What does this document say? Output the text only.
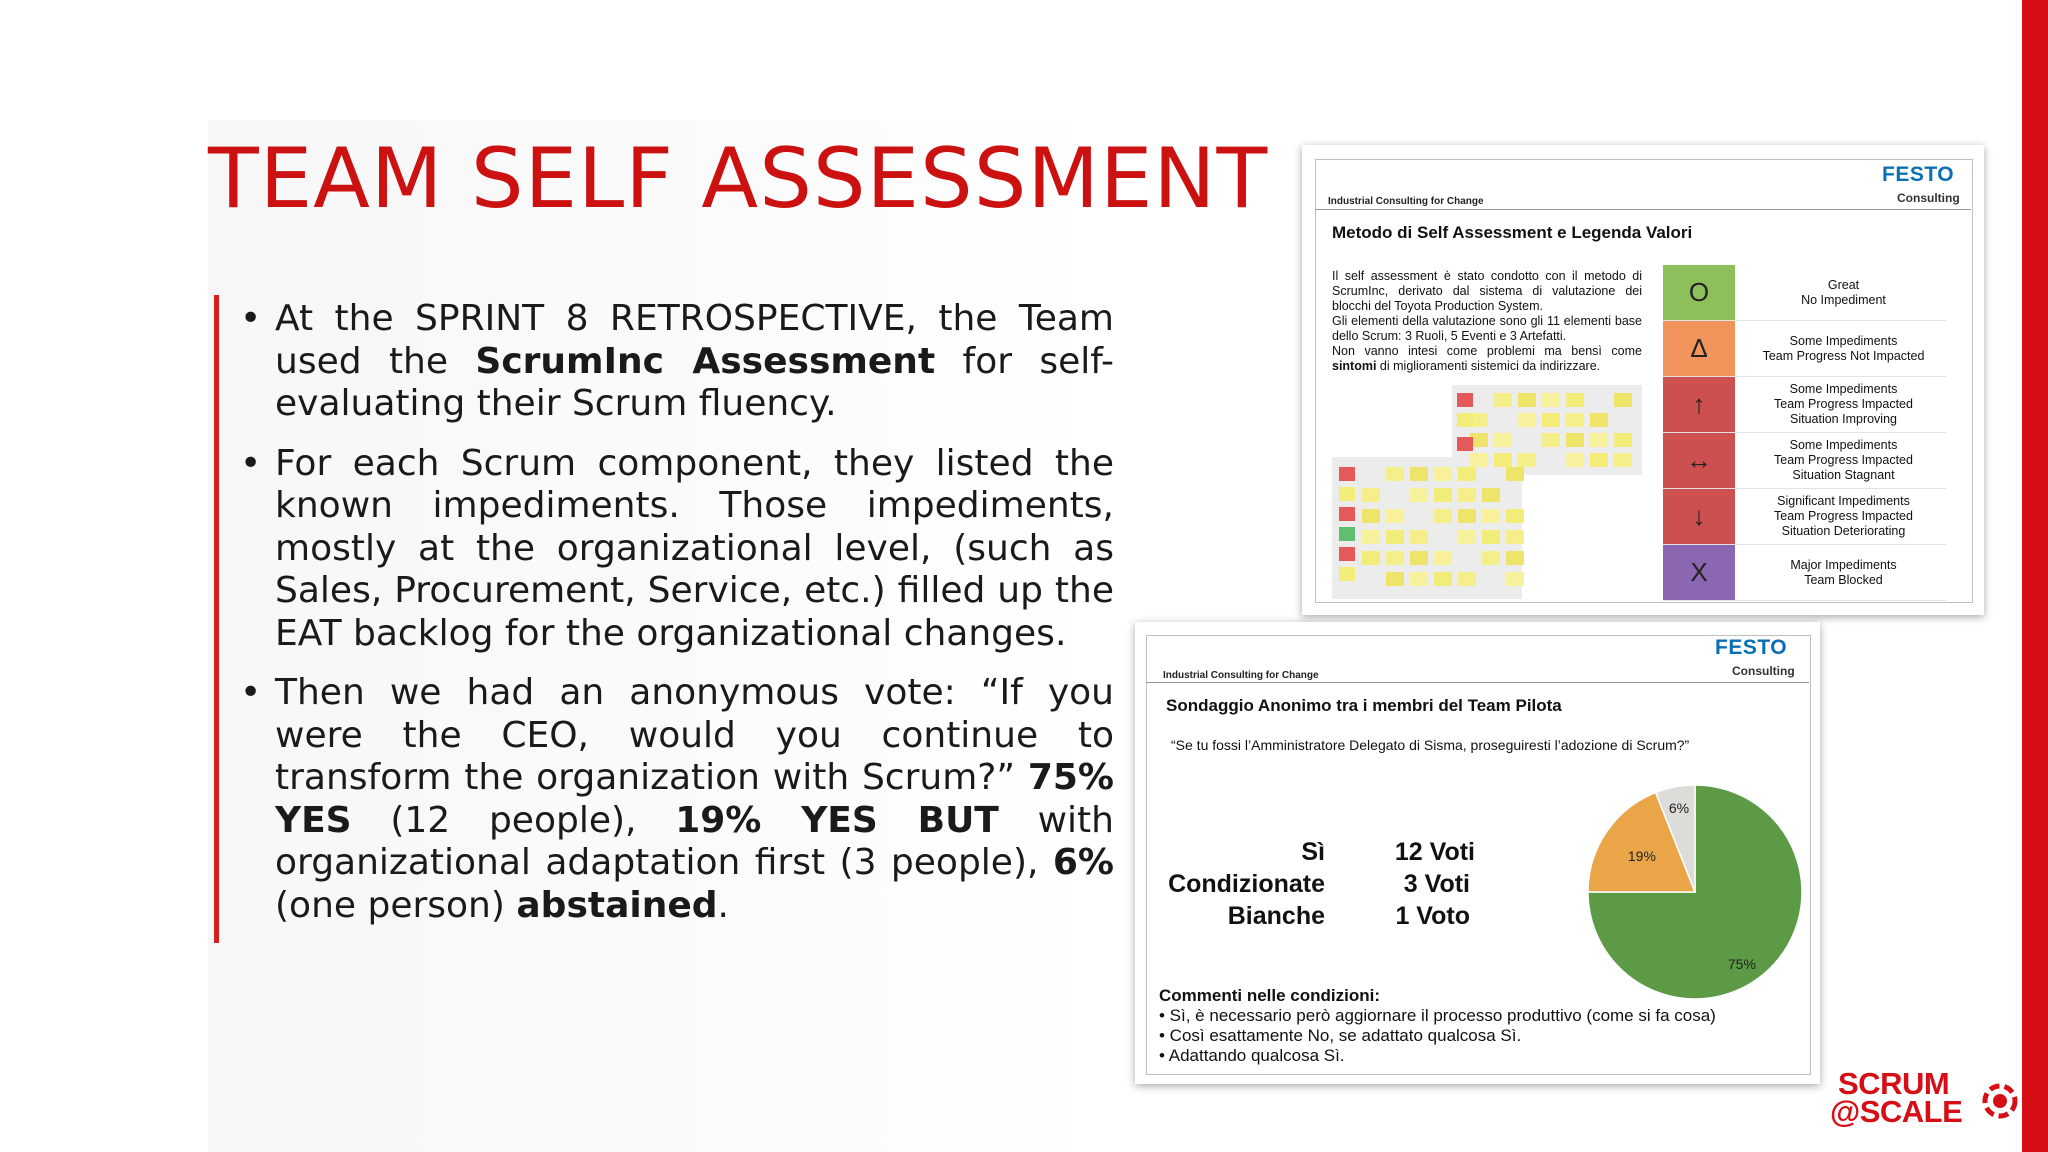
TEAM SELF ASSESSMENT
• At the SPRINT 8 RETROSPECTIVE, the Team used the ScrumInc Assessment for self-evaluating their Scrum fluency.
• For each Scrum component, they listed the known impediments. Those impediments, mostly at the organizational level, (such as Sales, Procurement, Service, etc.) filled up the EAT backlog for the organizational changes.
• Then we had an anonymous vote: “If you were the CEO, would you continue to transform the organization with Scrum?” 75% YES (12 people), 19% YES BUT with organizational adaptation first (3 people), 6% (one person) abstained.
FESTO
Consulting
Industrial Consulting for Change
Metodo di Self Assessment e Legenda Valori
Il self assessment è stato condotto con il metodo di ScrumInc, derivato dal sistema di valutazione dei blocchi del Toyota Production System.
Gli elementi della valutazione sono gli 11 elementi base dello Scrum: 3 Ruoli, 5 Eventi e 3 Artefatti.
Non vanno intesi come problemi ma bensì come sintomi di miglioramenti sistemici da indirizzare.
O	Great
No Impediment
Δ	Some Impediments
Team Progress Not Impacted
↑	Some Impediments
Team Progress Impacted
Situation Improving
↔	Some Impediments
Team Progress Impacted
Situation Stagnant
↓	Significant Impediments
Team Progress Impacted
Situation Deteriorating
X	Major Impediments
Team Blocked
FESTO
Consulting
Industrial Consulting for Change
Sondaggio Anonimo tra i membri del Team Pilota
“Se tu fossi l’Amministratore Delegato di Sisma, proseguiresti l’adozione di Scrum?”
Sì	12 Voti
Condizionate	3 Voti
Bianche	1 Voto
75%
19%
6%
Commenti nelle condizioni:
• Sì, è necessario però aggiornare il processo produttivo (come si fa cosa)
• Così esattamente No, se adattato qualcosa Sì.
• Adattando qualcosa Sì.
SCRUM
@SCALE
